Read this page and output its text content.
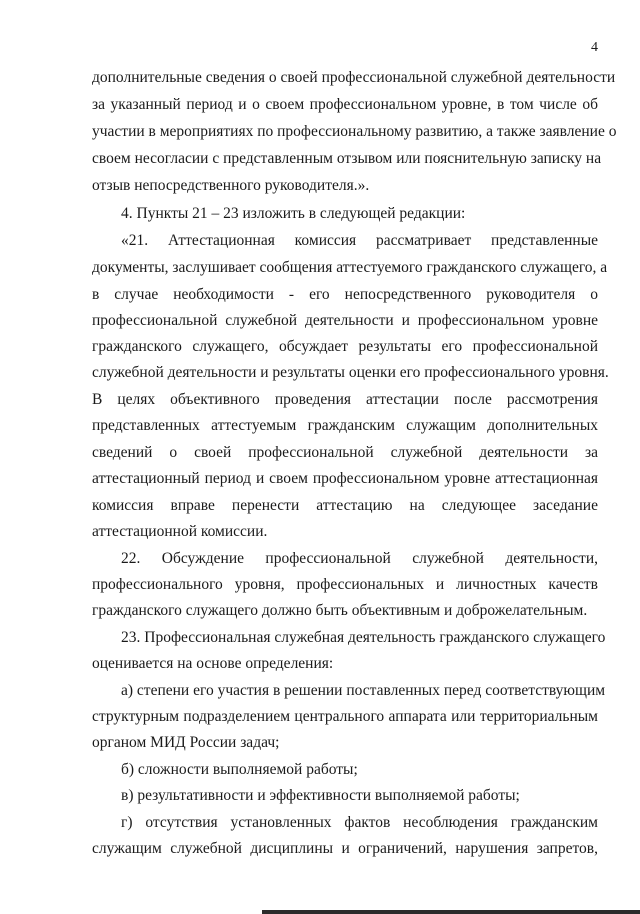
4
дополнительные сведения о своей профессиональной служебной деятельности
за указанный период и о своем профессиональном уровне, в том числе об
участии в мероприятиях по профессиональному развитию, а также заявление о
своем несогласии с представленным отзывом или пояснительную записку на
отзыв непосредственного руководителя.».
4. Пункты 21 – 23 изложить в следующей редакции:
«21. Аттестационная комиссия рассматривает представленные
документы, заслушивает сообщения аттестуемого гражданского служащего, а
в случае необходимости - его непосредственного руководителя о
профессиональной служебной деятельности и профессиональном уровне
гражданского служащего, обсуждает результаты его профессиональной
служебной деятельности и результаты оценки его профессионального уровня.
В целях объективного проведения аттестации после рассмотрения
представленных аттестуемым гражданским служащим дополнительных
сведений о своей профессиональной служебной деятельности за
аттестационный период и своем профессиональном уровне аттестационная
комиссия вправе перенести аттестацию на следующее заседание
аттестационной комиссии.
22. Обсуждение профессиональной служебной деятельности,
профессионального уровня, профессиональных и личностных качеств
гражданского служащего должно быть объективным и доброжелательным.
23. Профессиональная служебная деятельность гражданского служащего
оценивается на основе определения:
а) степени его участия в решении поставленных перед соответствующим
структурным подразделением центрального аппарата или территориальным
органом МИД России задач;
б) сложности выполняемой работы;
в) результативности и эффективности выполняемой работы;
г) отсутствия установленных фактов несоблюдения гражданским
служащим служебной дисциплины и ограничений, нарушения запретов,
